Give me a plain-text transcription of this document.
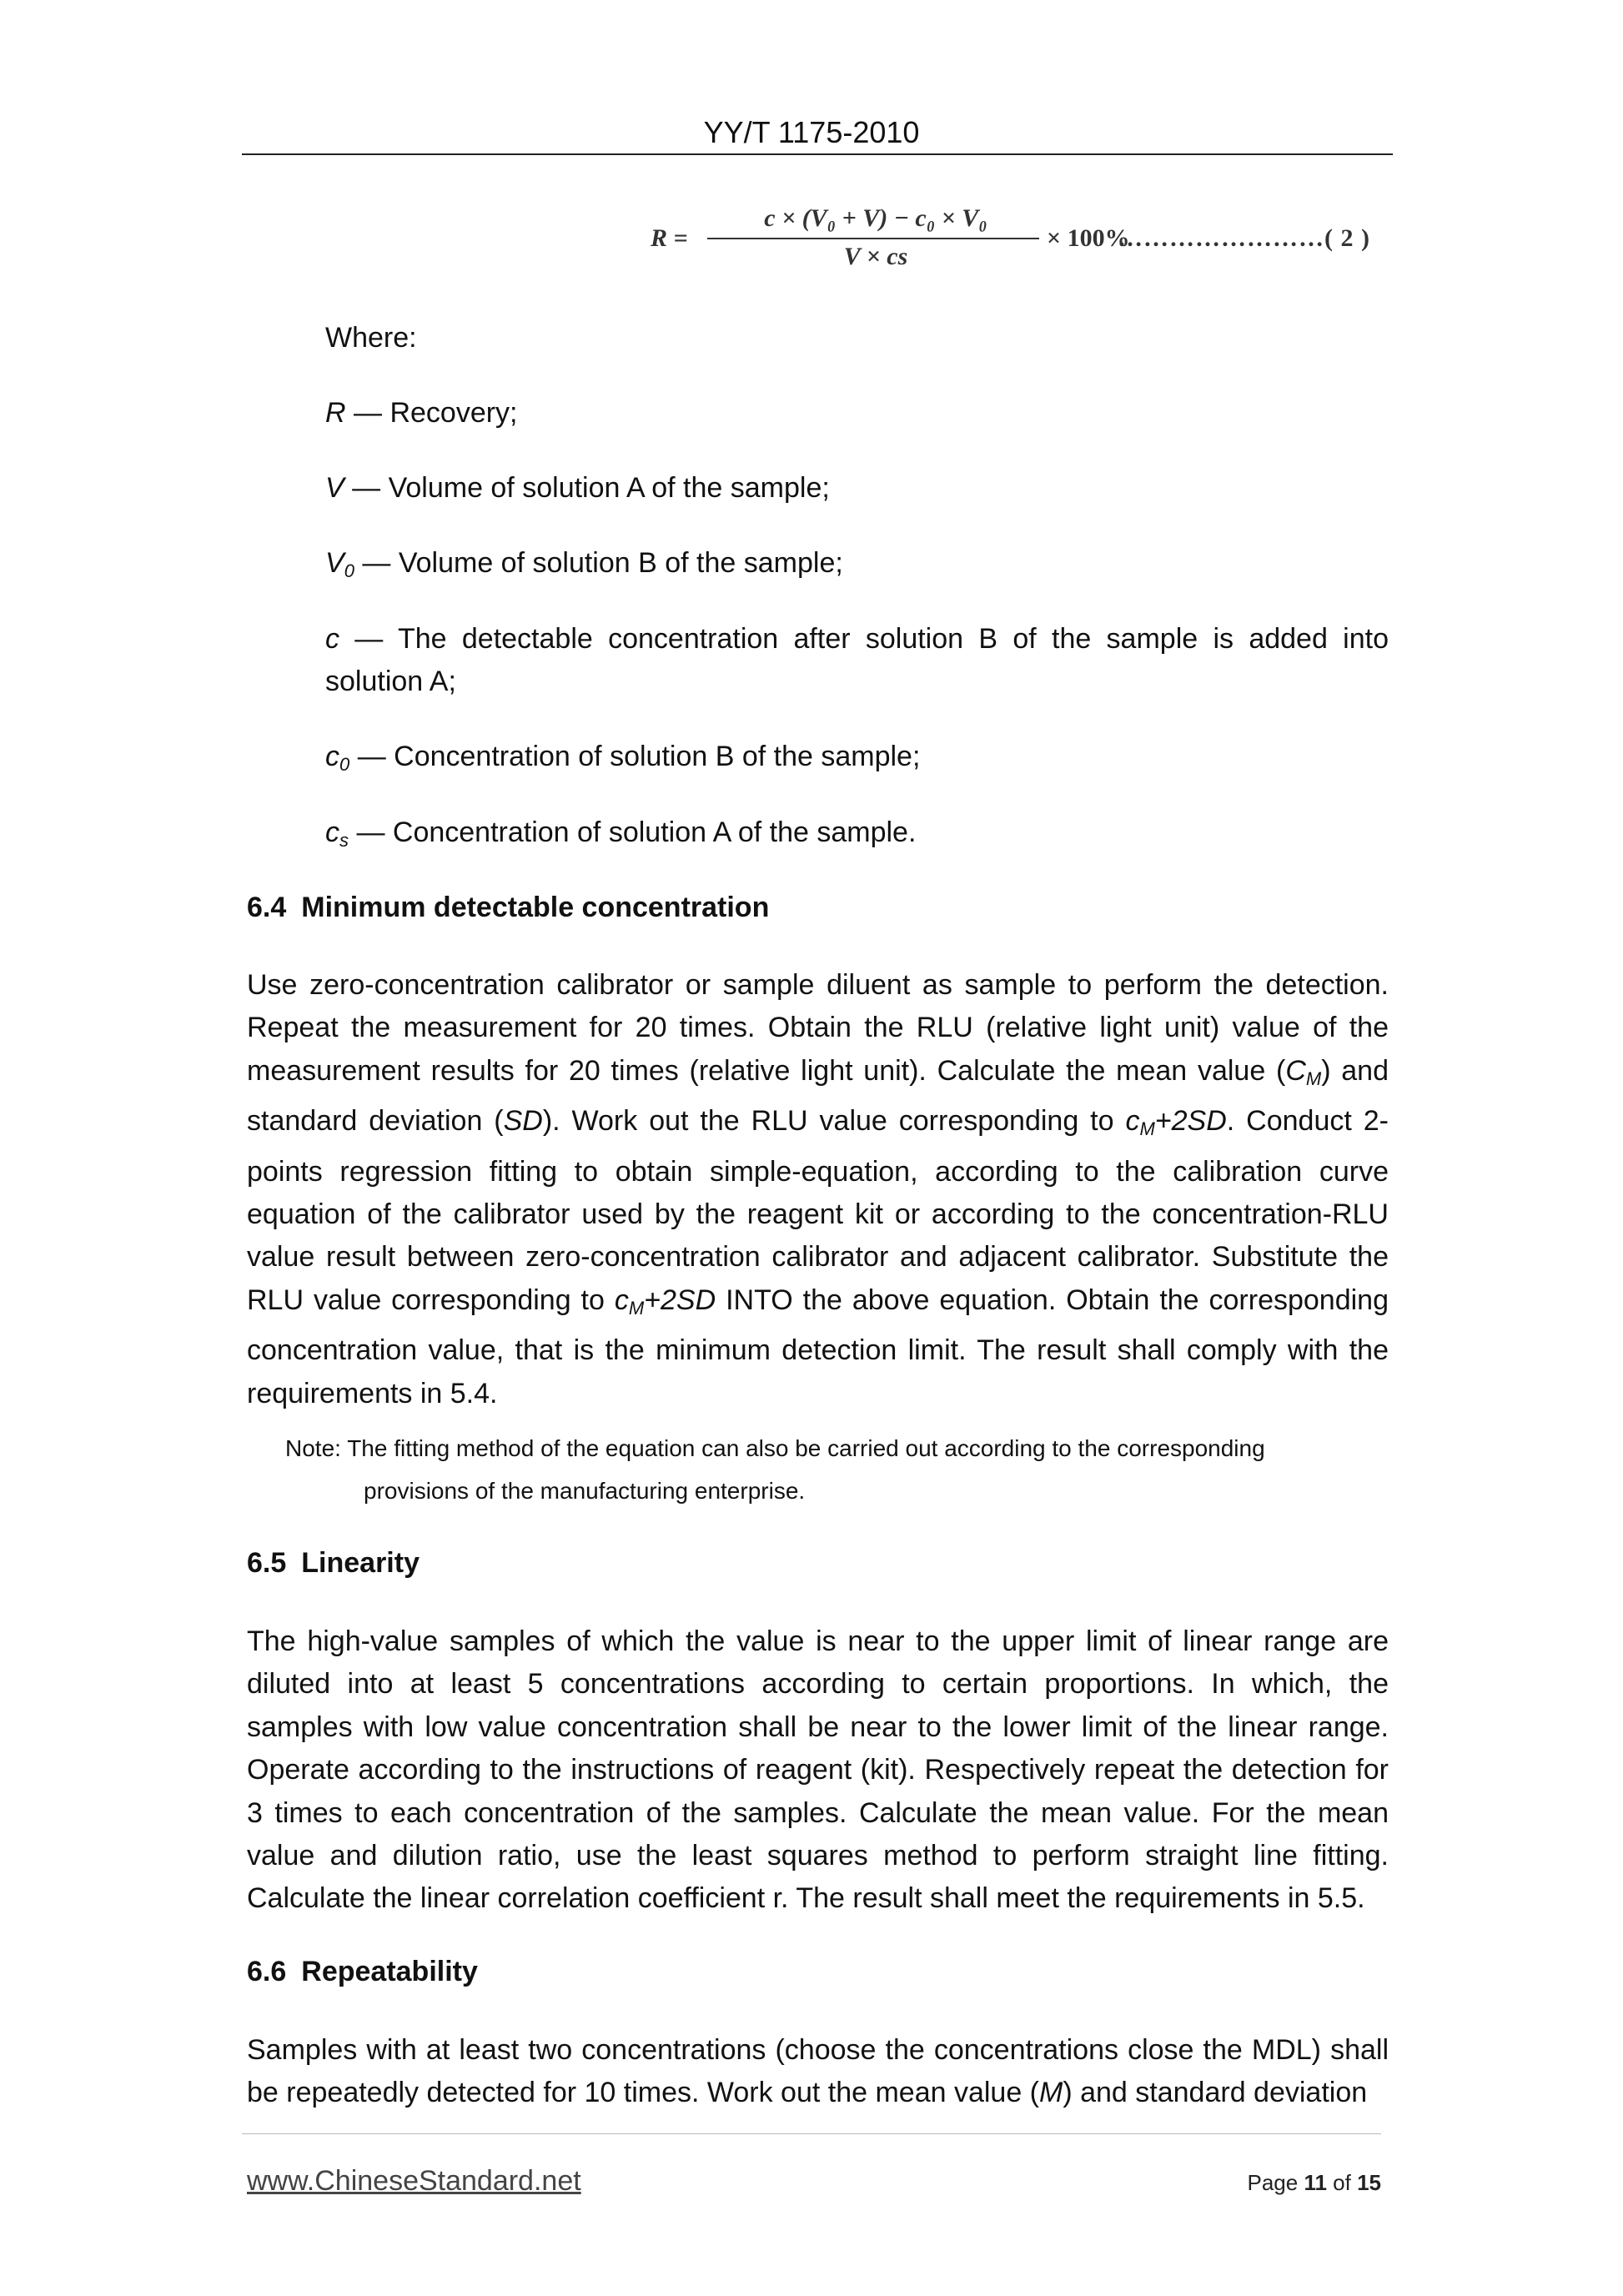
YY/T 1175-2010
R =
c × (V₀ + V) − c₀ × V₀
V × cs
× 100%
……………………( 2 )
Where:
R — Recovery;
V — Volume of solution A of the sample;
$V_0$ — Volume of solution B of the sample;
c — The detectable concentration after solution B of the sample is added into solution A;
$c_0$ — Concentration of solution B of the sample;
$c_s$ — Concentration of solution A of the sample.
6.4 Minimum detectable concentration
Use zero-concentration calibrator or sample diluent as sample to perform the detection. Repeat the measurement for 20 times. Obtain the RLU (relative light unit) value of the measurement results for 20 times (relative light unit). Calculate the mean value $(C_M)$ and standard deviation (SD). Work out the RLU value corresponding to $c_M+2SD$. Conduct 2-points regression fitting to obtain simple-equation, according to the calibration curve equation of the calibrator used by the reagent kit or according to the concentration-RLU value result between zero-concentration calibrator and adjacent calibrator. Substitute the RLU value corresponding to $c_M+2SD$ INTO the above equation. Obtain the corresponding concentration value, that is the minimum detection limit. The result shall comply with the requirements in 5.4.
Note: The fitting method of the equation can also be carried out according to the corresponding
provisions of the manufacturing enterprise.
6.5 Linearity
The high-value samples of which the value is near to the upper limit of linear range are diluted into at least 5 concentrations according to certain proportions. In which, the samples with low value concentration shall be near to the lower limit of the linear range. Operate according to the instructions of reagent (kit). Respectively repeat the detection for 3 times to each concentration of the samples. Calculate the mean value. For the mean value and dilution ratio, use the least squares method to perform straight line fitting. Calculate the linear correlation coefficient r. The result shall meet the requirements in 5.5.
6.6 Repeatability
Samples with at least two concentrations (choose the concentrations close the MDL) shall be repeatedly detected for 10 times. Work out the mean value (M) and standard deviation
www.ChineseStandard.net	Page 11 of 15
